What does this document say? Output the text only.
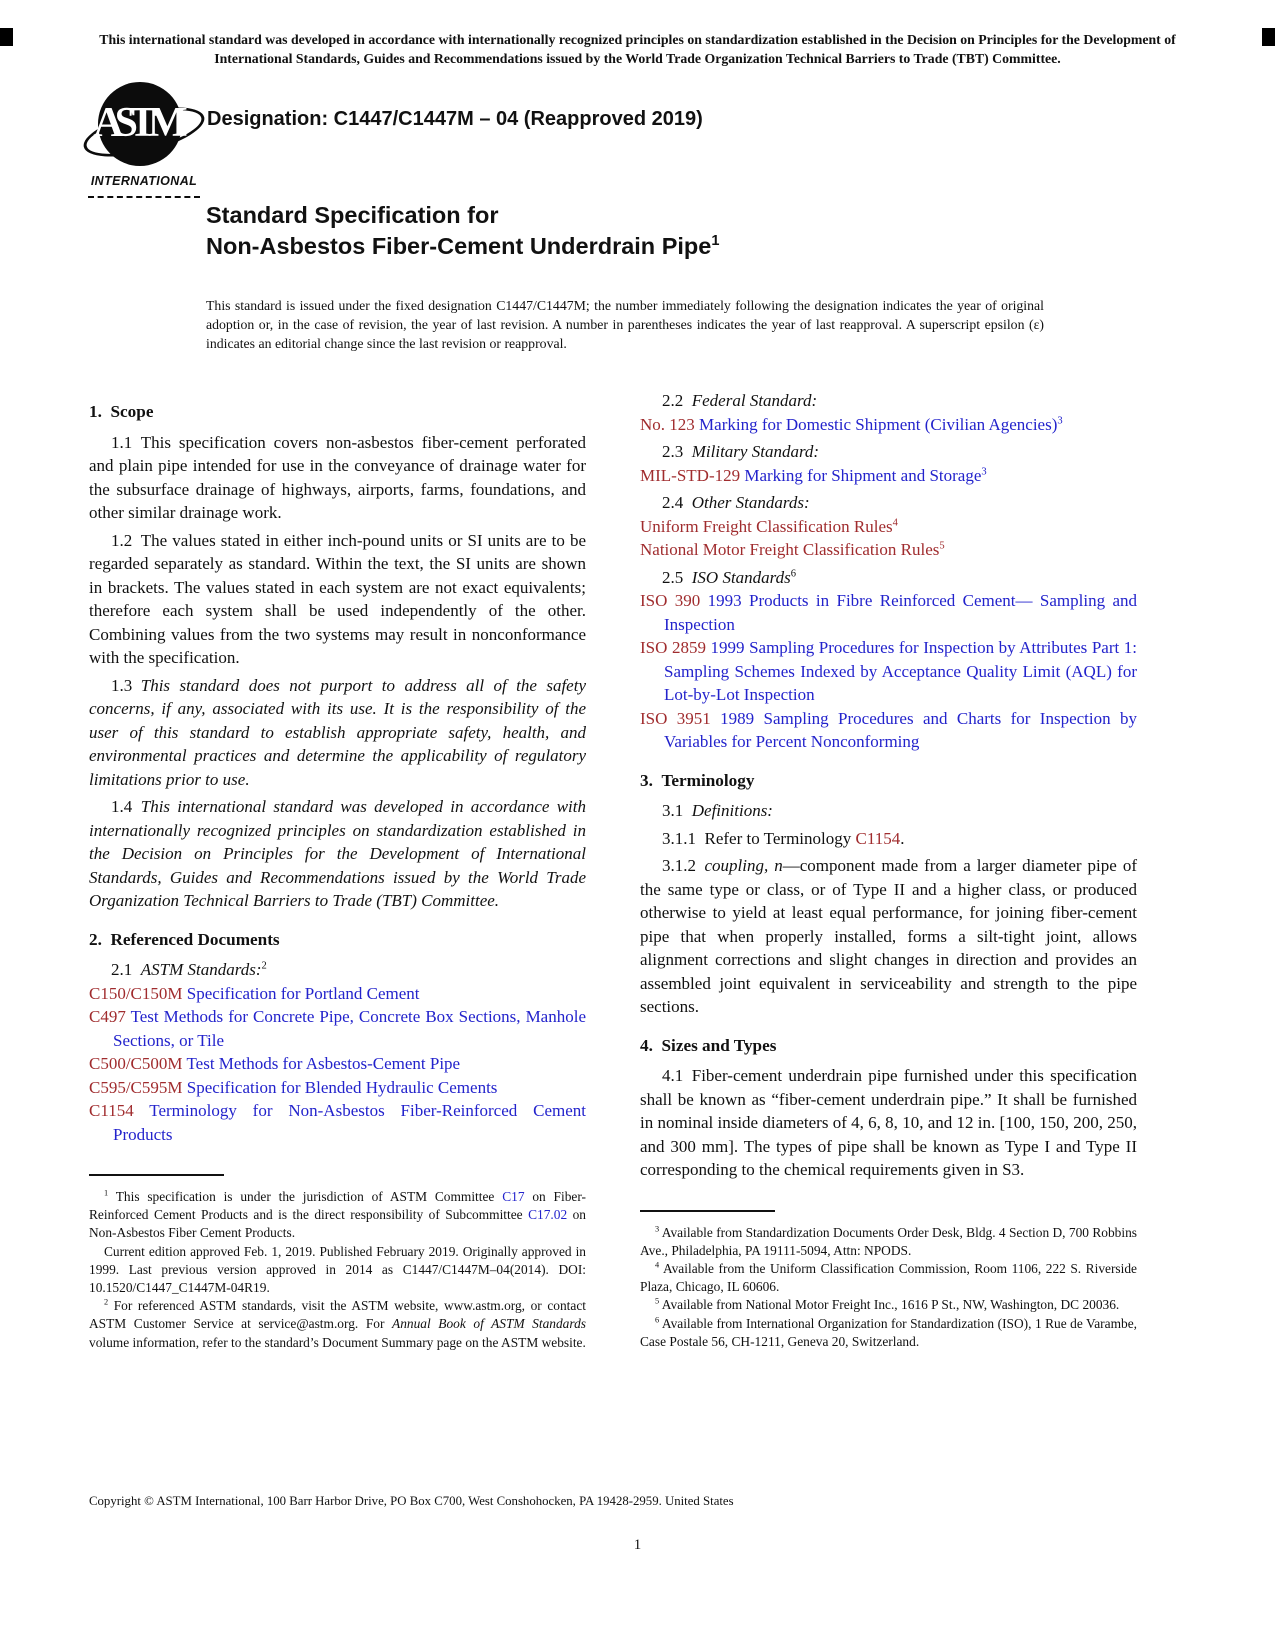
This international standard was developed in accordance with internationally recognized principles on standardization established in the Decision on Principles for the Development of International Standards, Guides and Recommendations issued by the World Trade Organization Technical Barriers to Trade (TBT) Committee.
ASTM
INTERNATIONAL
Designation: C1447/C1447M – 04 (Reapproved 2019)
Standard Specification for
Non-Asbestos Fiber-Cement Underdrain Pipe$^1$
This standard is issued under the fixed designation C1447/C1447M; the number immediately following the designation indicates the year of original adoption or, in the case of revision, the year of last revision. A number in parentheses indicates the year of last reapproval. A superscript epsilon (ε) indicates an editorial change since the last revision or reapproval.
1. Scope
1.1 This specification covers non-asbestos fiber-cement perforated and plain pipe intended for use in the conveyance of drainage water for the subsurface drainage of highways, airports, farms, foundations, and other similar drainage work.
1.2 The values stated in either inch-pound units or SI units are to be regarded separately as standard. Within the text, the SI units are shown in brackets. The values stated in each system are not exact equivalents; therefore each system shall be used independently of the other. Combining values from the two systems may result in nonconformance with the specification.
1.3 This standard does not purport to address all of the safety concerns, if any, associated with its use. It is the responsibility of the user of this standard to establish appropriate safety, health, and environmental practices and determine the applicability of regulatory limitations prior to use.
1.4 This international standard was developed in accordance with internationally recognized principles on standardization established in the Decision on Principles for the Development of International Standards, Guides and Recommendations issued by the World Trade Organization Technical Barriers to Trade (TBT) Committee.
2. Referenced Documents
2.1 ASTM Standards:$^2$
C150/C150M Specification for Portland Cement
C497 Test Methods for Concrete Pipe, Concrete Box Sections, Manhole Sections, or Tile
C500/C500M Test Methods for Asbestos-Cement Pipe
C595/C595M Specification for Blended Hydraulic Cements
C1154 Terminology for Non-Asbestos Fiber-Reinforced Cement Products
$^1$ This specification is under the jurisdiction of ASTM Committee C17 on Fiber-Reinforced Cement Products and is the direct responsibility of Subcommittee C17.02 on Non-Asbestos Fiber Cement Products.
Current edition approved Feb. 1, 2019. Published February 2019. Originally approved in 1999. Last previous version approved in 2014 as C1447/C1447M–04(2014). DOI: 10.1520/C1447_C1447M-04R19.
$^2$ For referenced ASTM standards, visit the ASTM website, www.astm.org, or contact ASTM Customer Service at service@astm.org. For Annual Book of ASTM Standards volume information, refer to the standard’s Document Summary page on the ASTM website.
2.2 Federal Standard:
No. 123 Marking for Domestic Shipment (Civilian Agencies)$^3$
2.3 Military Standard:
MIL-STD-129 Marking for Shipment and Storage$^3$
2.4 Other Standards:
Uniform Freight Classification Rules$^4$
National Motor Freight Classification Rules$^5$
2.5 ISO Standards$^6$
ISO 390 1993 Products in Fibre Reinforced Cement— Sampling and Inspection
ISO 2859 1999 Sampling Procedures for Inspection by Attributes Part 1: Sampling Schemes Indexed by Acceptance Quality Limit (AQL) for Lot-by-Lot Inspection
ISO 3951 1989 Sampling Procedures and Charts for Inspection by Variables for Percent Nonconforming
3. Terminology
3.1 Definitions:
3.1.1 Refer to Terminology C1154.
3.1.2 coupling, n—component made from a larger diameter pipe of the same type or class, or of Type II and a higher class, or produced otherwise to yield at least equal performance, for joining fiber-cement pipe that when properly installed, forms a silt-tight joint, allows alignment corrections and slight changes in direction and provides an assembled joint equivalent in serviceability and strength to the pipe sections.
4. Sizes and Types
4.1 Fiber-cement underdrain pipe furnished under this specification shall be known as “fiber-cement underdrain pipe.” It shall be furnished in nominal inside diameters of 4, 6, 8, 10, and 12 in. [100, 150, 200, 250, and 300 mm]. The types of pipe shall be known as Type I and Type II corresponding to the chemical requirements given in S3.
$^3$ Available from Standardization Documents Order Desk, Bldg. 4 Section D, 700 Robbins Ave., Philadelphia, PA 19111-5094, Attn: NPODS.
$^4$ Available from the Uniform Classification Commission, Room 1106, 222 S. Riverside Plaza, Chicago, IL 60606.
$^5$ Available from National Motor Freight Inc., 1616 P St., NW, Washington, DC 20036.
$^6$ Available from International Organization for Standardization (ISO), 1 Rue de Varambe, Case Postale 56, CH-1211, Geneva 20, Switzerland.
Copyright © ASTM International, 100 Barr Harbor Drive, PO Box C700, West Conshohocken, PA 19428-2959. United States
1
